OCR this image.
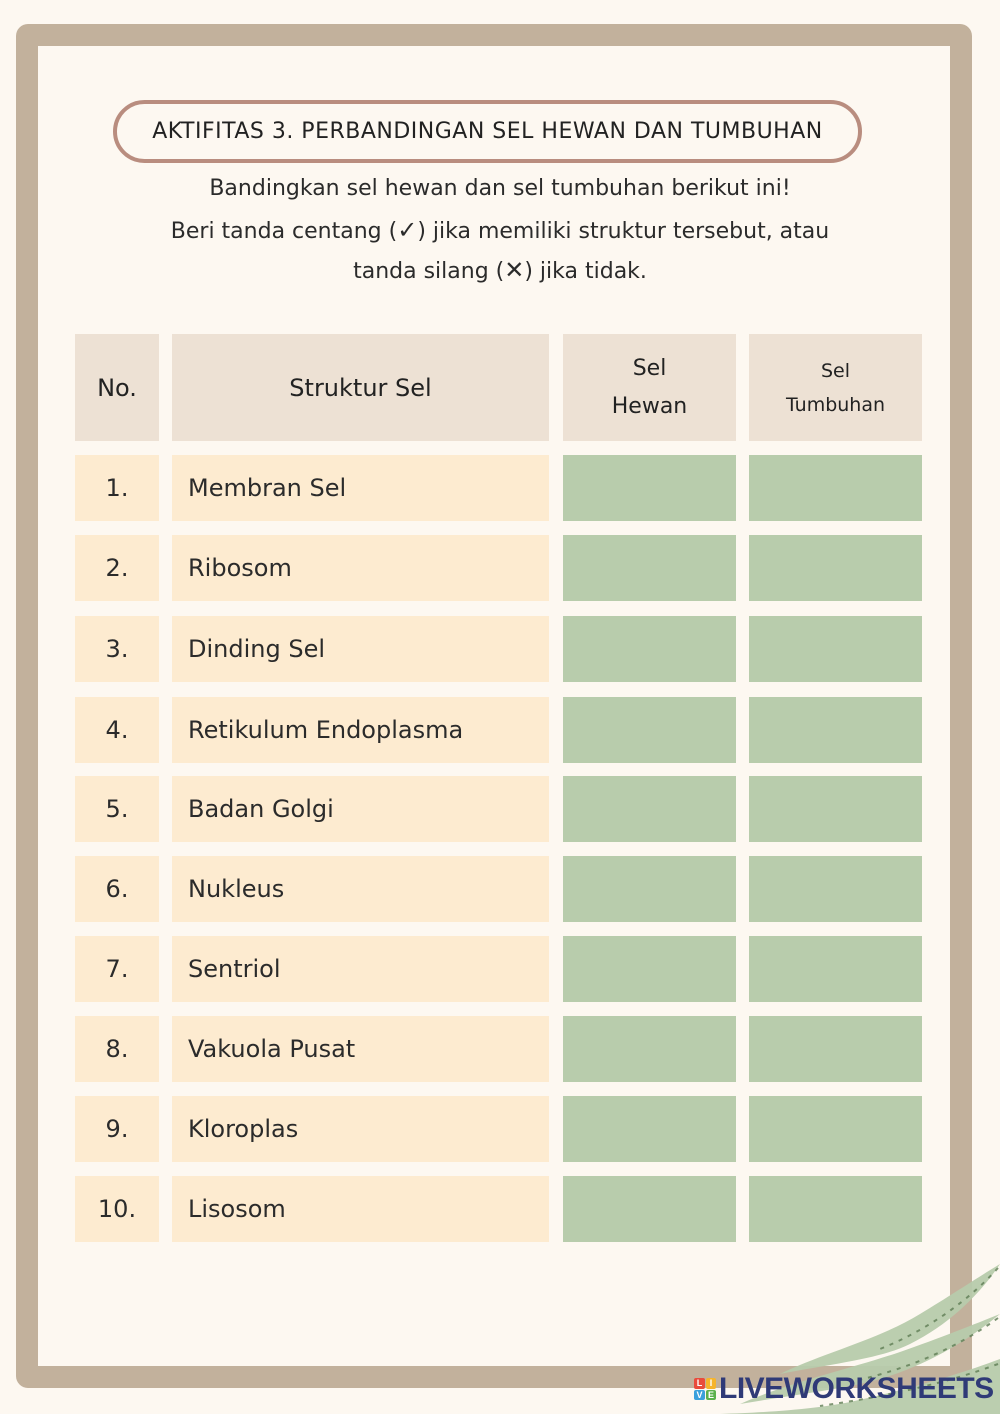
AKTIFITAS 3. PERBANDINGAN SEL HEWAN DAN TUMBUHAN
Bandingkan sel hewan dan sel tumbuhan berikut ini!
Beri tanda centang (✓) jika memiliki struktur tersebut, atau
tanda silang (✕) jika tidak.
No.	Struktur Sel
Sel
Hewan
Sel
Tumbuhan
1. Membran Sel
2. Ribosom
3. Dinding Sel
4. Retikulum Endoplasma
5. Badan Golgi
6. Nukleus
7. Sentriol
8. Vakuola Pusat
9. Kloroplas
10. Lisosom
L I
V E LIVEWORKSHEETS
